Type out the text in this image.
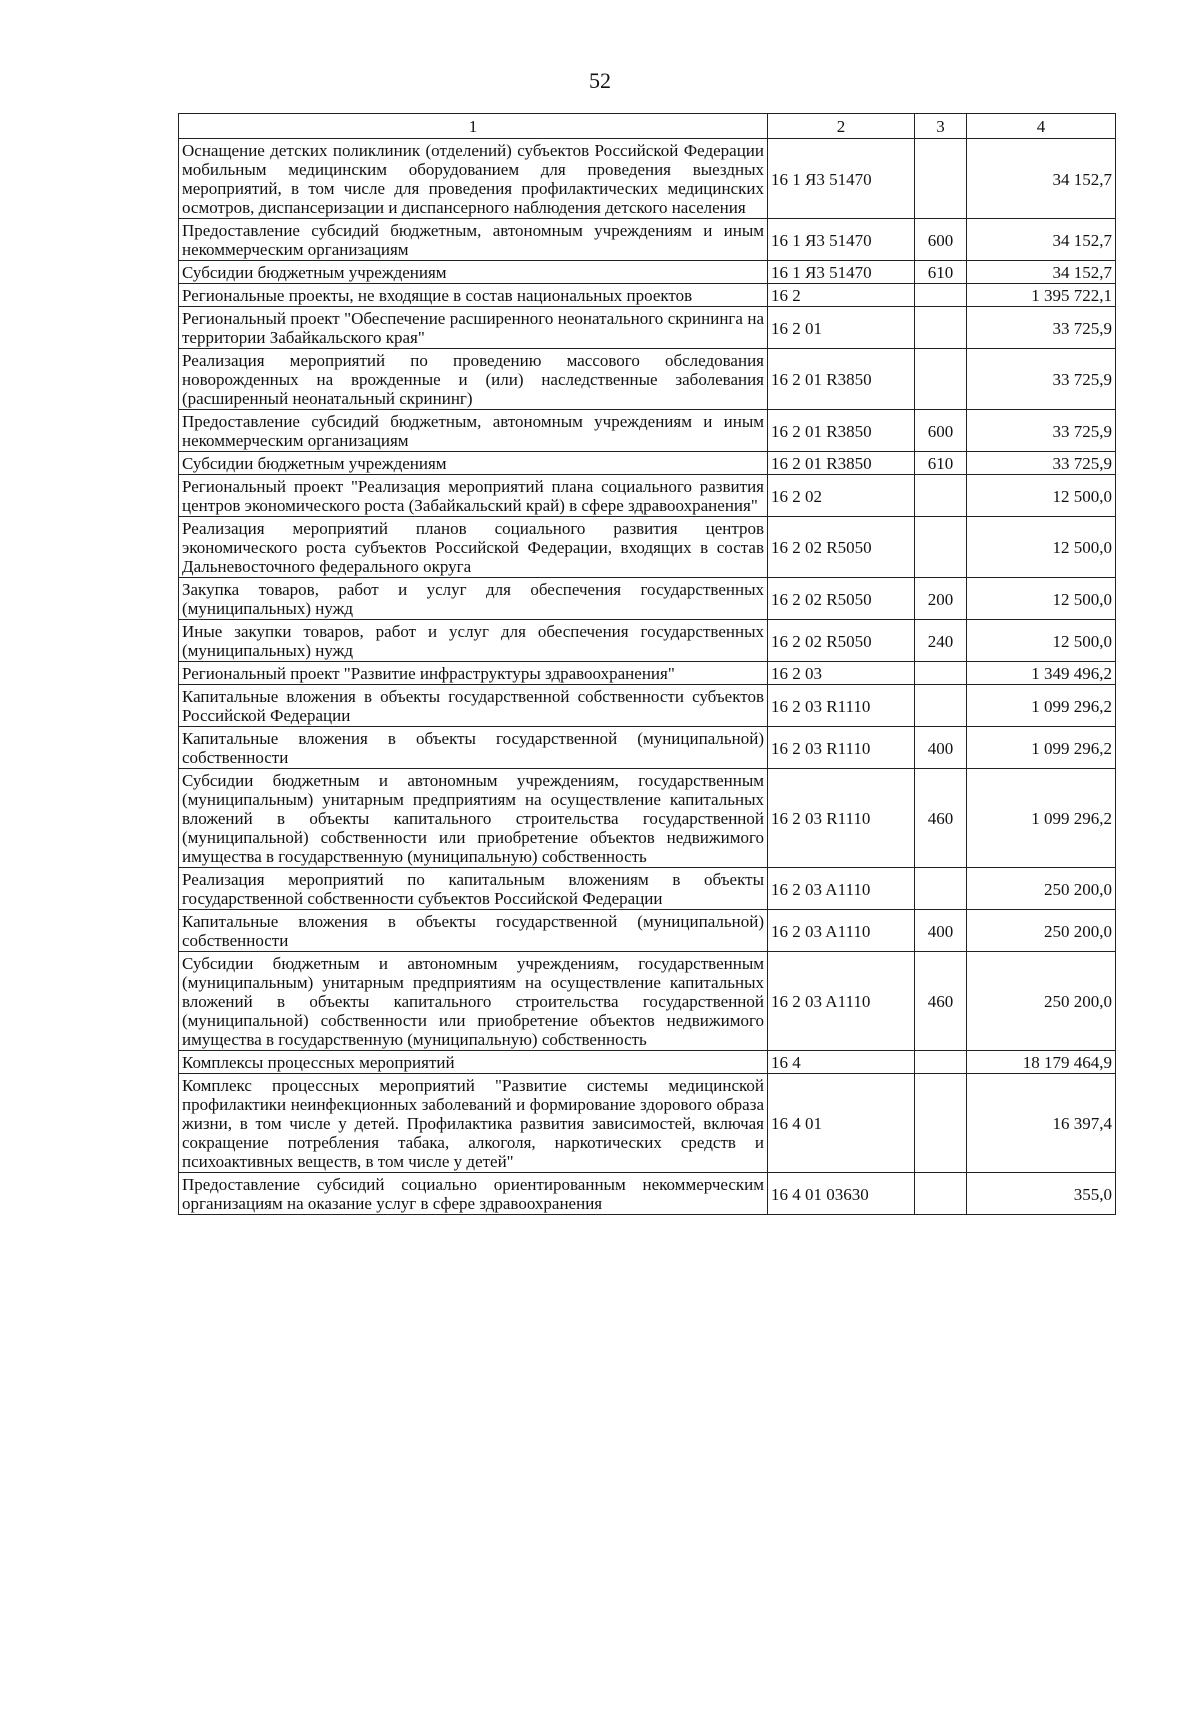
52
1	2	3	4
Оснащение детских поликлиник (отделений) субъектов Российской Федерации мобильным медицинским оборудованием для проведения выездных мероприятий, в том числе для проведения профилактических медицинских осмотров, диспансеризации и диспансерного наблюдения детского населения	16 1 Я3 51470		34 152,7
Предоставление субсидий бюджетным, автономным учреждениям и иным некоммерческим организациям	16 1 Я3 51470	600	34 152,7
Субсидии бюджетным учреждениям	16 1 Я3 51470	610	34 152,7
Региональные проекты, не входящие в состав национальных проектов	16 2		1 395 722,1
Региональный проект "Обеспечение расширенного неонатального скрининга на территории Забайкальского края"	16 2 01		33 725,9
Реализация мероприятий по проведению массового обследования новорожденных на врожденные и (или) наследственные заболевания (расширенный неонатальный скрининг)	16 2 01 R3850		33 725,9
Предоставление субсидий бюджетным, автономным учреждениям и иным некоммерческим организациям	16 2 01 R3850	600	33 725,9
Субсидии бюджетным учреждениям	16 2 01 R3850	610	33 725,9
Региональный проект "Реализация мероприятий плана социального развития центров экономического роста (Забайкальский край) в сфере здравоохранения"	16 2 02		12 500,0
Реализация мероприятий планов социального развития центров экономического роста субъектов Российской Федерации, входящих в состав Дальневосточного федерального округа	16 2 02 R5050		12 500,0
Закупка товаров, работ и услуг для обеспечения государственных (муниципальных) нужд	16 2 02 R5050	200	12 500,0
Иные закупки товаров, работ и услуг для обеспечения государственных (муниципальных) нужд	16 2 02 R5050	240	12 500,0
Региональный проект "Развитие инфраструктуры здравоохранения"	16 2 03		1 349 496,2
Капитальные вложения в объекты государственной собственности субъектов Российской Федерации	16 2 03 R1110		1 099 296,2
Капитальные вложения в объекты государственной (муниципальной) собственности	16 2 03 R1110	400	1 099 296,2
Субсидии бюджетным и автономным учреждениям, государственным (муниципальным) унитарным предприятиям на осуществление капитальных вложений в объекты капитального строительства государственной (муниципальной) собственности или приобретение объектов недвижимого имущества в государственную (муниципальную) собственность	16 2 03 R1110	460	1 099 296,2
Реализация мероприятий по капитальным вложениям в объекты государственной собственности субъектов Российской Федерации	16 2 03 A1110		250 200,0
Капитальные вложения в объекты государственной (муниципальной) собственности	16 2 03 A1110	400	250 200,0
Субсидии бюджетным и автономным учреждениям, государственным (муниципальным) унитарным предприятиям на осуществление капитальных вложений в объекты капитального строительства государственной (муниципальной) собственности или приобретение объектов недвижимого имущества в государственную (муниципальную) собственность	16 2 03 A1110	460	250 200,0
Комплексы процессных мероприятий	16 4		18 179 464,9
Комплекс процессных мероприятий "Развитие системы медицинской профилактики неинфекционных заболеваний и формирование здорового образа жизни, в том числе у детей. Профилактика развития зависимостей, включая сокращение потребления табака, алкоголя, наркотических средств и психоактивных веществ, в том числе у детей"	16 4 01		16 397,4
Предоставление субсидий социально ориентированным некоммерческим организациям на оказание услуг в сфере здравоохранения	16 4 01 03630		355,0
